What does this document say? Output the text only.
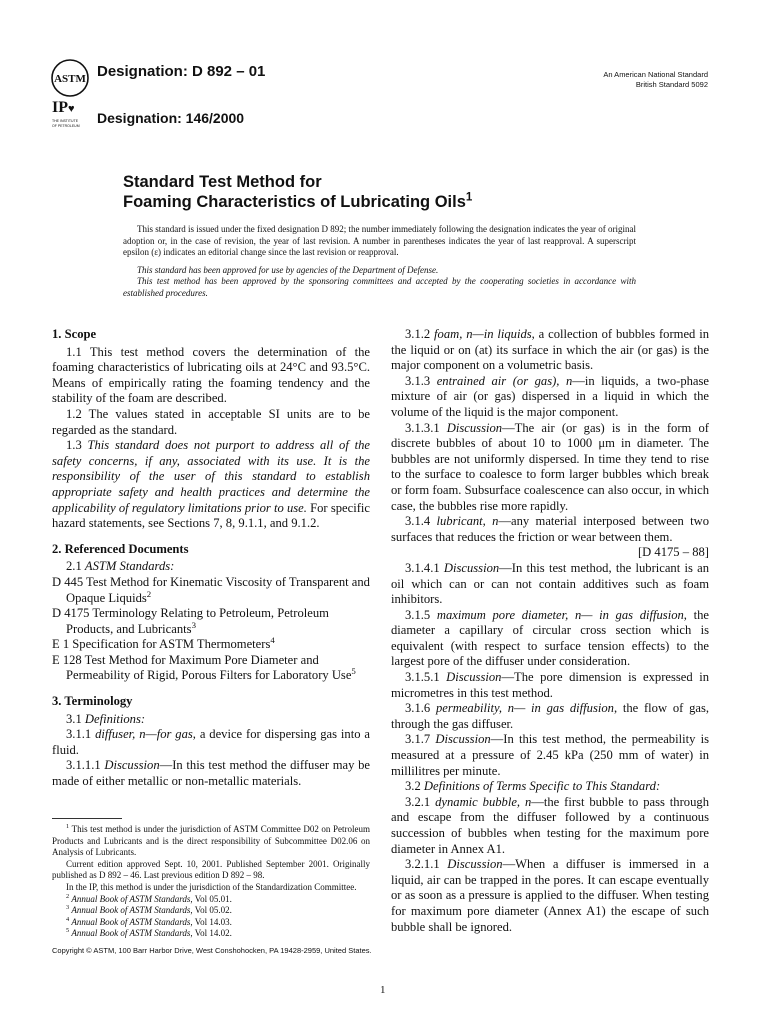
ASTM Designation: D 892 – 01	An American National Standard
British Standard 5092
IP♥
THE INSTITUTE
OF PETROLEUM	Designation: 146/2000
Standard Test Method for
Foaming Characteristics of Lubricating Oils$^1$

This standard is issued under the fixed designation D 892; the number immediately following the designation indicates the year of original adoption or, in the case of revision, the year of last revision. A number in parentheses indicates the year of last reapproval. A superscript epsilon (ε) indicates an editorial change since the last revision or reapproval.

This standard has been approved for use by agencies of the Department of Defense.

This test method has been approved by the sponsoring committees and accepted by the cooperating societies in accordance with established procedures.

1. Scope

1.1 This test method covers the determination of the foaming characteristics of lubricating oils at 24°C and 93.5°C. Means of empirically rating the foaming tendency and the stability of the foam are described.

1.2 The values stated in acceptable SI units are to be regarded as the standard.

1.3 This standard does not purport to address all of the safety concerns, if any, associated with its use. It is the responsibility of the user of this standard to establish appropriate safety and health practices and determine the applicability of regulatory limitations prior to use. For specific hazard statements, see Sections 7, 8, 9.1.1, and 9.1.2.

2. Referenced Documents

2.1 ASTM Standards:

D 445 Test Method for Kinematic Viscosity of Transparent and Opaque Liquids$^2$

D 4175 Terminology Relating to Petroleum, Petroleum Products, and Lubricants$^3$

E 1 Specification for ASTM Thermometers$^4$

E 128 Test Method for Maximum Pore Diameter and Permeability of Rigid, Porous Filters for Laboratory Use$^5$

3. Terminology

3.1 Definitions:

3.1.1 diffuser, n—for gas, a device for dispersing gas into a fluid.

3.1.1.1 Discussion—In this test method the diffuser may be made of either metallic or non-metallic materials.

$^1$ This test method is under the jurisdiction of ASTM Committee D02 on Petroleum Products and Lubricants and is the direct responsibility of Subcommittee D02.06 on Analysis of Lubricants.

Current edition approved Sept. 10, 2001. Published September 2001. Originally published as D 892 – 46. Last previous edition D 892 – 98.

In the IP, this method is under the jurisdiction of the Standardization Committee.

$^2$ Annual Book of ASTM Standards, Vol 05.01.

$^3$ Annual Book of ASTM Standards, Vol 05.02.

$^4$ Annual Book of ASTM Standards, Vol 14.03.

$^5$ Annual Book of ASTM Standards, Vol 14.02.

3.1.2 foam, n—in liquids, a collection of bubbles formed in the liquid or on (at) its surface in which the air (or gas) is the major component on a volumetric basis.

3.1.3 entrained air (or gas), n—in liquids, a two-phase mixture of air (or gas) dispersed in a liquid in which the volume of the liquid is the major component.

3.1.3.1 Discussion—The air (or gas) is in the form of discrete bubbles of about 10 to 1000 μm in diameter. The bubbles are not uniformly dispersed. In time they tend to rise to the surface to coalesce to form larger bubbles which break or form foam. Subsurface coalescence can also occur, in which case, the bubbles rise more rapidly.

3.1.4 lubricant, n—any material interposed between two surfaces that reduces the friction or wear between them.

[D 4175 – 88]

3.1.4.1 Discussion—In this test method, the lubricant is an oil which can or can not contain additives such as foam inhibitors.

3.1.5 maximum pore diameter, n— in gas diffusion, the diameter a capillary of circular cross section which is equivalent (with respect to surface tension effects) to the largest pore of the diffuser under consideration.

3.1.5.1 Discussion—The pore dimension is expressed in micrometres in this test method.

3.1.6 permeability, n— in gas diffusion, the flow of gas, through the gas diffuser.

3.1.7 Discussion—In this test method, the permeability is measured at a pressure of 2.45 kPa (250 mm of water) in millilitres per minute.

3.2 Definitions of Terms Specific to This Standard:

3.2.1 dynamic bubble, n—the first bubble to pass through and escape from the diffuser followed by a continuous succession of bubbles when testing for the maximum pore diameter in Annex A1.

3.2.1.1 Discussion—When a diffuser is immersed in a liquid, air can be trapped in the pores. It can escape eventually or as soon as a pressure is applied to the diffuser. When testing for maximum pore diameter (Annex A1) the escape of such bubble shall be ignored.

Copyright © ASTM, 100 Barr Harbor Drive, West Conshohocken, PA 19428-2959, United States.
1
